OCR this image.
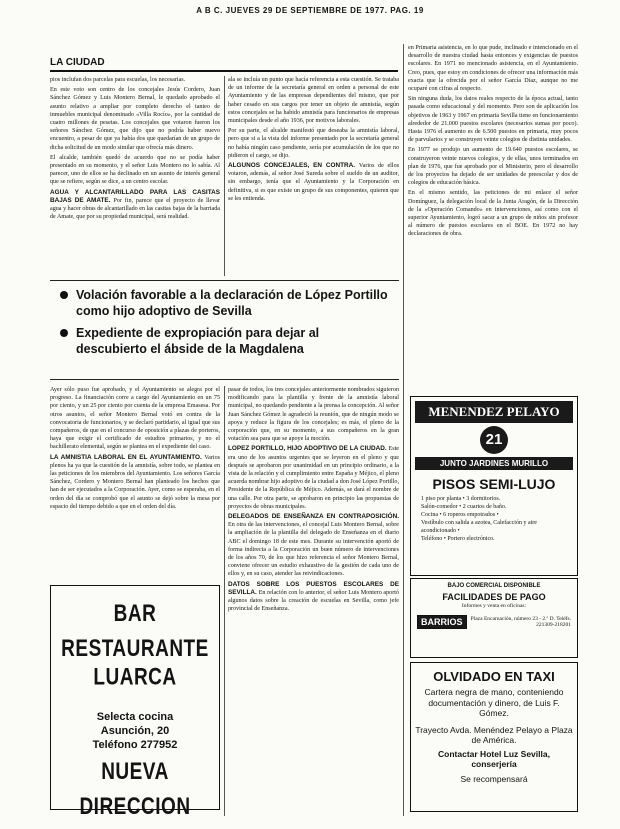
A B C. JUEVES 29 DE SEPTIEMBRE DE 1977. PAG. 19
LA CIUDAD

pios inclufan dos parcelas para escuelas, los necesarias.

En este voto son centro de los concejales Jesús Cordero, Juan Sánchez Gómez y Luis Montero Bernal, le quedado aprobado el asunto relativo a ampliar por completo derecho el tanteo de inmuebles municipal denominado «Villa Rocío», por la cantidad de cuatro millones de pesetas. Los concejales que votaron fueron los señores Sánchez Gómez, que dijo que no podría haber nuevo encuentro, a pesar de que ya había dos que quedarían de un grupo de dicha solicitud de un modo similar que ofrecía más dinero.

El alcalde, también quedó de acuerdo que no se podía haber presentado en su momento, y el señor Luis Montero no lo sabía. Al parecer, uno de ellos se ha declinado en un asunto de interés general que se refiere, según se dice, a un centro escolar.

AGUA Y ALCANTARILLADO PARA LAS CASITAS BAJAS DE AMATE. Por fin, parece que el proyecto de llevar agua y hacer obras de alcantarillado en las casitas bajas de la barriada de Amate, que por su propiedad municipal, será realidad.

ala se incluía un punto que hacía referencia a esta cuestión. Se trataba de un informe de la secretaría general en orden a personal de este Ayuntamiento y de las empresas dependientes del mismo, que por haber cesado en sus cargos por tener un objeto de amnistía, según estos concejales se ha habido amnistía para funcionarios de empresas municipales desde el año 1936, por motivos laborales.

Por su parte, el alcalde manifestó que deseaba la amnistía laboral, pero que si a la vista del informe presentado por la secretaría general no había ningún caso pendiente, sería por acumulación de los que no pidieron el cargo, se dijo.

ALGUNOS CONCEJALES, EN CONTRA. Varios de ellos votaron, además, al señor José Sureda sobre el sueldo de un auditor, sin embargo, tenía que el Ayuntamiento y la Corporación en definitiva, si es que existe un grupo de sus componentes, quieren que se les entienda.

en Primaria asistencia, en lo que pude, inclinado e intencionado en el desarrollo de nuestra ciudad hasta entonces y exigencias de puestos escolares. En 1971 no mencionado asistencia, en el Ayuntamiento. Creo, pues, que estoy en condiciones de ofrecer una información más exacta que la ofrecida por el señor García Díaz, aunque no me ocuparé con cifras al respecto.

Sin ninguna duda, los datos reales respecto de la época actual, tanto pasada como educacional y del momento. Pero son de aplicación los objetivos de 1963 y 1967 en primaria Sevilla tiene en funcionamiento alrededor de 21.000 puestos escolares (necesarios sumas por poco). Hasta 1976 el aumento es de 6.500 puestos en primaria, muy pocos de parvularios y se construyen veinte colegios de distinta unidades.

En 1977 se produjo un aumento de 19.640 puestos escolares, se construyeron veinte nuevos colegios, y de ellas, unos terminados en plan de 1976, que fue aprobado por el Ministerio, pero el desarrollo de los proyectos ha dejado de ser unidades de preescolar y dos de colegios de educación básica.

En el mismo sentido, las peticiones de mi enlace el señor Domínguez, la delegación local de la Junta Aragón, de la Dirección de la «Operación Comando» en intervenciones, así como con el superior Ayuntamiento, logró sacar a un grupo de niños sin profesor al número de puestos escolares en el BOE. En 1972 no hay declaraciones de obra.

Volación favorable a la declaración de López Portillo como hijo adoptivo de Sevilla
Expediente de expropiación para dejar al descubierto el ábside de la Magdalena

Ayer sólo puso fue aprobado, y el Ayuntamiento se alegra por el progreso. La financiación corre a cargo del Ayuntamiento en un 75 por ciento, y un 25 por ciento por cuenta de la empresa Emasesa. Por otros asuntos, el señor Montero Bernal votó en contra de la convocatoria de funcionarios, y se declaró partidario, al igual que sus compañeros, de que en el concurso de oposición a plazas de porteros, haya que exigir el certificado de estudios primarios, y no el bachillerato elemental, según se plantea en el expediente del caso.

LA AMNISTIA LABORAL EN EL AYUNTAMIENTO. Varios plenos ha ya que la cuestión de la amnistía, sobre todo, se plantea en las peticiones de los miembros del Ayuntamiento. Los señores García Sánchez, Cordero y Montero Bernal han planteado los hechos que han de ser ejecutados a la Corporación. Ayer, como se esperaba, en el orden del día se comprobó que el asunto se dejó sobre la mesa por espacio del tiempo debido a que en el orden del día.

pasar de todos, los tres concejales anteriormente nombrados siguieron modificando para la plantilla y frente de la amnistía laboral municipal, no quedando pendiente a la prensa la concepción. Al señor Juan Sánchez Gómez le agradeció la reunión, que de ningún modo se apoya y reduce la figura de los concejales; es más, el pleno de la corporación que, en su momento, a sus compañeros en la gran votación sea para que se apoye la moción.

LOPEZ PORTILLO, HIJO ADOPTIVO DE LA CIUDAD. Este era uno de los asuntos urgentes que se leyeron en el pleno y que después se aprobaron por unanimidad en un principio ordinario, a la vista de la relación y el cumplimiento entre España y Méjico, el pleno acuerda nombrar hijo adoptivo de la ciudad a don José López Portillo, Presidente de la República de Méjico. Además, se dará el nombre de una calle. Por otra parte, se aprobaron en principio las propuestas de proyectos de obras municipales.

DELEGADOS DE ENSEÑANZA EN CONTRAPOSICIÓN. En otra de las intervenciones, el concejal Luis Montero Bernal, sobre la ampliación de la plantilla del delegado de Enseñanza en el diario ABC el domingo 18 de este mes. Durante su intervención aportó de forma indirecta a la Corporación un buen número de intervenciones de los años 70, de los que hizo referencia el señor Montero Bernal, conviene ofrecer un estudio exhaustivo de la gestión de cada uno de ellos y, en su caso, atender las reivindicaciones.

DATOS SOBRE LOS PUESTOS ESCOLARES DE SEVILLA. En relación con lo anterior, el señor Luis Montero aportó algunos datos sobre la creación de escuelas en Sevilla, como jefe provincial de Enseñanza.

BAR RESTAURANTE
LUARCA
Selecta cocina
Asunción, 20
Teléfono 277952
NUEVA DIRECCION
MENENDEZ PELAYO
21
JUNTO JARDINES MURILLO
PISOS SEMI-LUJO
1 piso por planta • 3 dormitorios.
Salón-comedor • 2 cuartos de baño.
Cocina • 6 roperos empotrados •
Vestíbulo con salida a azotea, Calefacción y aire acondicionado •
Teléfono • Portero electrónico.
BAJO COMERCIAL DISPONIBLE
FACILIDADES DE PAGO
Informes y venta en oficinas:
BARRIOS	Plaza Encarnación, número 23 - 2.º D. Teléfs. 221309-218201
OLVIDADO EN TAXI
Cartera negra de mano, conteniendo documentación y dinero, de Luis F. Gómez.
Trayecto Avda. Menéndez Pelayo a Plaza de América.
Contactar Hotel Luz Sevilla, conserjería
Se recompensará
